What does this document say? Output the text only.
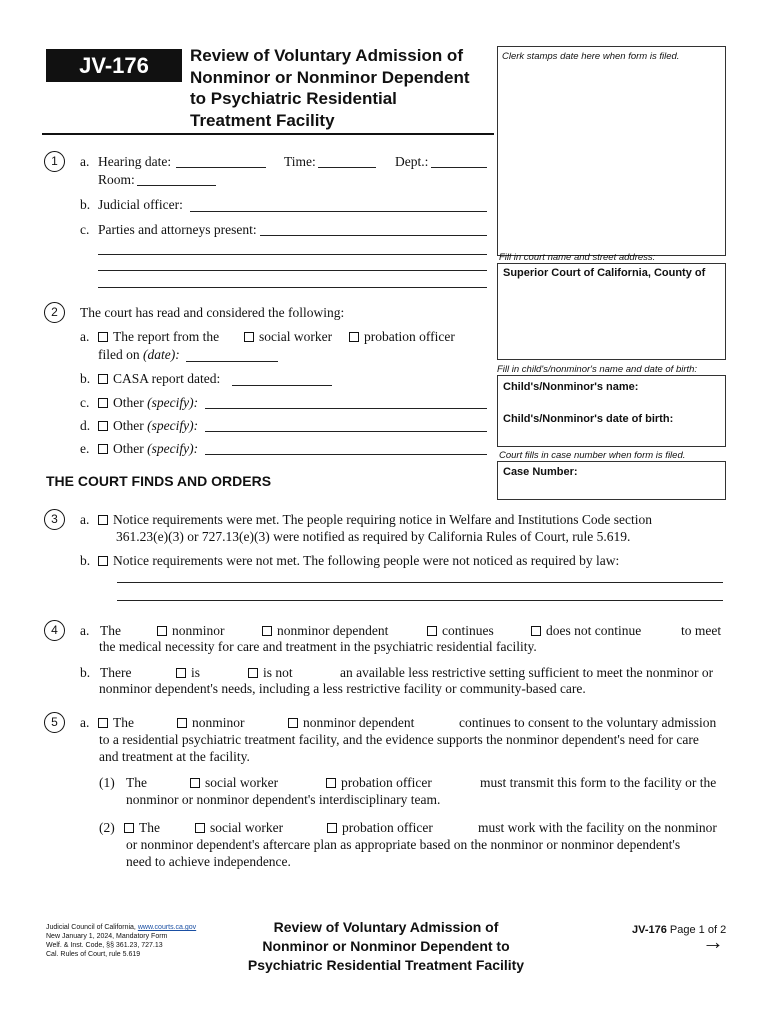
JV-176	Review of Voluntary Admission of
Nonminor or Nonminor Dependent
to Psychiatric Residential
Treatment Facility
Clerk stamps date here when form is filed.
Fill in court name and street address:
Superior Court of California, County of
Fill in child's/nonminor's name and date of birth:
Child's/Nonminor's name:
Child's/Nonminor's date of birth:
Court fills in case number when form is filed.
Case Number:
1	a. Hearing date:	Time:	Dept.:
Room:
b. Judicial officer:
c. Parties and attorneys present:
2	The court has read and considered the following:
a.	The report from the	social worker	probation officer
filed on (date):
b.	CASA report dated:
c.	Other (specify):
d.	Other (specify):
e.	Other (specify):
THE COURT FINDS AND ORDERS
3	a.	Notice requirements were met. The people requiring notice in Welfare and Institutions Code section
361.23(e)(3) or 727.13(e)(3) were notified as required by California Rules of Court, rule 5.619.
b.	Notice requirements were not met. The following people were not noticed as required by law:
4	a. The	nonminor	nonminor dependent	continues	does not continue	to meet
the medical necessity for care and treatment in the psychiatric residential facility.
b. There	is	is not	an available less restrictive setting sufficient to meet the nonminor or
nonminor dependent's needs, including a less restrictive facility or community-based care.
5	a.	The	nonminor	nonminor dependent	continues to consent to the voluntary admission
to a residential psychiatric treatment facility, and the evidence supports the nonminor dependent's need for care
and treatment at the facility.
(1) The	social worker	probation officer	must transmit this form to the facility or the
nonminor or nonminor dependent's interdisciplinary team.
(2)	The	social worker	probation officer	must work with the facility on the nonminor
or nonminor dependent's aftercare plan as appropriate based on the nonminor or nonminor dependent's
need to achieve independence.
Judicial Council of California, www.courts.ca.gov
New January 1, 2024, Mandatory Form
Welf. & Inst. Code, §§ 361.23, 727.13
Cal. Rules of Court, rule 5.619
Review of Voluntary Admission of
Nonminor or Nonminor Dependent to
Psychiatric Residential Treatment Facility
JV-176 Page 1 of 2
→
